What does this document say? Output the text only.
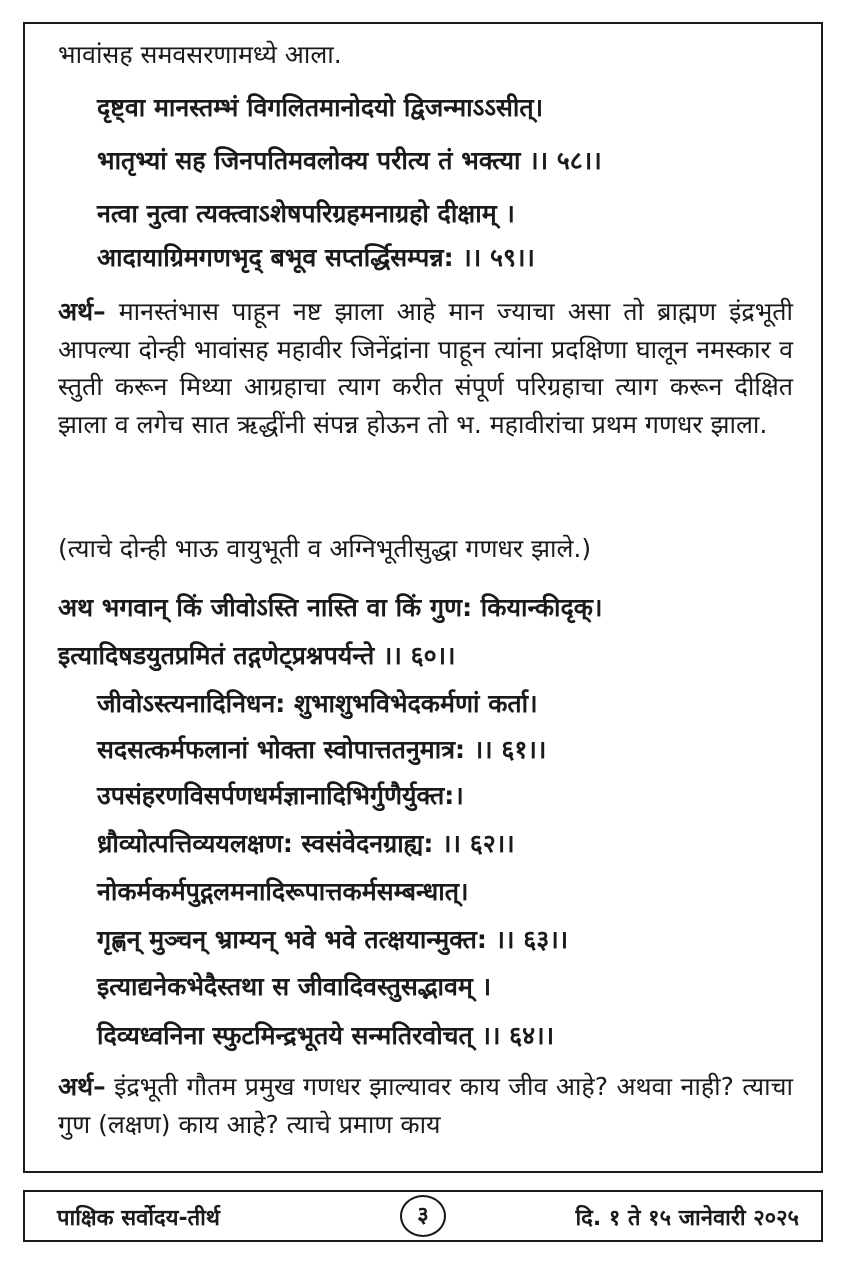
भावांसह समवसरणामध्ये आला.
दृष्ट्वा मानस्तम्भं विगलितमानोदयो द्विजन्माऽऽसीत्।
भातृभ्यां सह जिनपतिमवलोक्य परीत्य तं भक्त्या ।। ५८।।
नत्वा नुत्वा त्यक्त्वाऽशेषपरिग्रहमनाग्रहो दीक्षाम् ।
आदायाग्रिमगणभृद् बभूव सप्तर्द्धिसम्पन्न: ।। ५९।।
अर्थ– मानस्तंभास पाहून नष्ट झाला आहे मान ज्याचा असा तो ब्राह्मण इंद्रभूती आपल्या दोन्ही भावांसह महावीर जिनेंद्रांना पाहून त्यांना प्रदक्षिणा घालून नमस्कार व स्तुती करून मिथ्या आग्रहाचा त्याग करीत संपूर्ण परिग्रहाचा त्याग करून दीक्षित झाला व लगेच सात ऋद्धींनी संपन्न होऊन तो भ. महावीरांचा प्रथम गणधर झाला.
(त्याचे दोन्ही भाऊ वायुभूती व अग्निभूतीसुद्धा गणधर झाले.)
अथ भगवान् किं जीवोऽस्ति नास्ति वा किं गुण: कियान्कीदृक्।
इत्यादिषडयुतप्रमितं तद्गणेट्प्रश्नपर्यन्ते ।। ६०।।
जीवोऽस्त्यनादिनिधन: शुभाशुभविभेदकर्मणां कर्ता।
सदसत्कर्मफलानां भोक्ता स्वोपात्ततनुमात्र: ।। ६१।।
उपसंहरणविसर्पणधर्मज्ञानादिभिर्गुणैर्युक्त:।
ध्रौव्योत्पत्तिव्ययलक्षण: स्वसंवेदनग्राह्य: ।। ६२।।
नोकर्मकर्मपुद्गलमनादिरूपात्तकर्मसम्बन्धात्।
गृह्णन् मुञ्चन् भ्राम्यन् भवे भवे तत्क्षयान्मुक्त: ।। ६३।।
इत्याद्यनेकभेदैस्तथा स जीवादिवस्तुसद्भावम् ।
दिव्यध्वनिना स्फुटमिन्द्रभूतये सन्मतिरवोचत् ।। ६४।।
अर्थ– इंद्रभूती गौतम प्रमुख गणधर झाल्यावर काय जीव आहे? अथवा नाही? त्याचा गुण (लक्षण) काय आहे? त्याचे प्रमाण काय
पाक्षिक सर्वोदय-तीर्थ	३	दि. १ ते १५ जानेवारी २०२५
